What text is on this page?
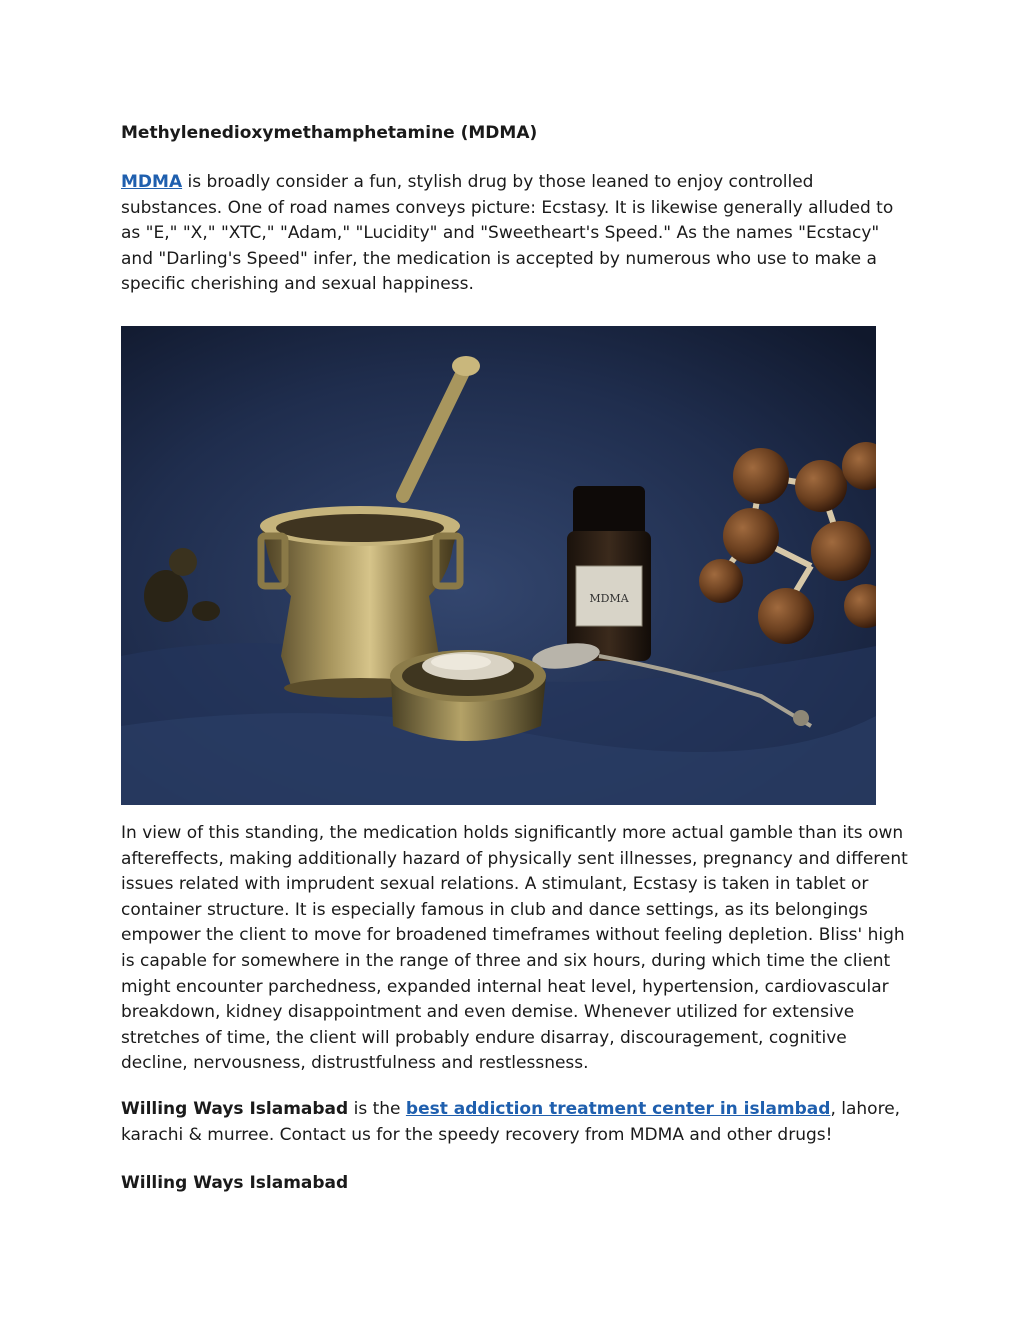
Methylenedioxymethamphetamine (MDMA)

MDMA is broadly consider a fun, stylish drug by those leaned to enjoy controlled substances. One of road names conveys picture: Ecstasy. It is likewise generally alluded to as "E," "X," "XTC," "Adam," "Lucidity" and "Sweetheart's Speed." As the names "Ecstacy" and "Darling's Speed" infer, the medication is accepted by numerous who use to make a specific cherishing and sexual happiness.

MDMA

In view of this standing, the medication holds significantly more actual gamble than its own aftereffects, making additionally hazard of physically sent illnesses, pregnancy and different issues related with imprudent sexual relations. A stimulant, Ecstasy is taken in tablet or container structure. It is especially famous in club and dance settings, as its belongings empower the client to move for broadened timeframes without feeling depletion. Bliss' high is capable for somewhere in the range of three and six hours, during which time the client might encounter parchedness, expanded internal heat level, hypertension, cardiovascular breakdown, kidney disappointment and even demise. Whenever utilized for extensive stretches of time, the client will probably endure disarray, discouragement, cognitive decline, nervousness, distrustfulness and restlessness.

Willing Ways Islamabad is the best addiction treatment center in islambad, lahore, karachi & murree. Contact us for the speedy recovery from MDMA and other drugs!

Willing Ways Islamabad
